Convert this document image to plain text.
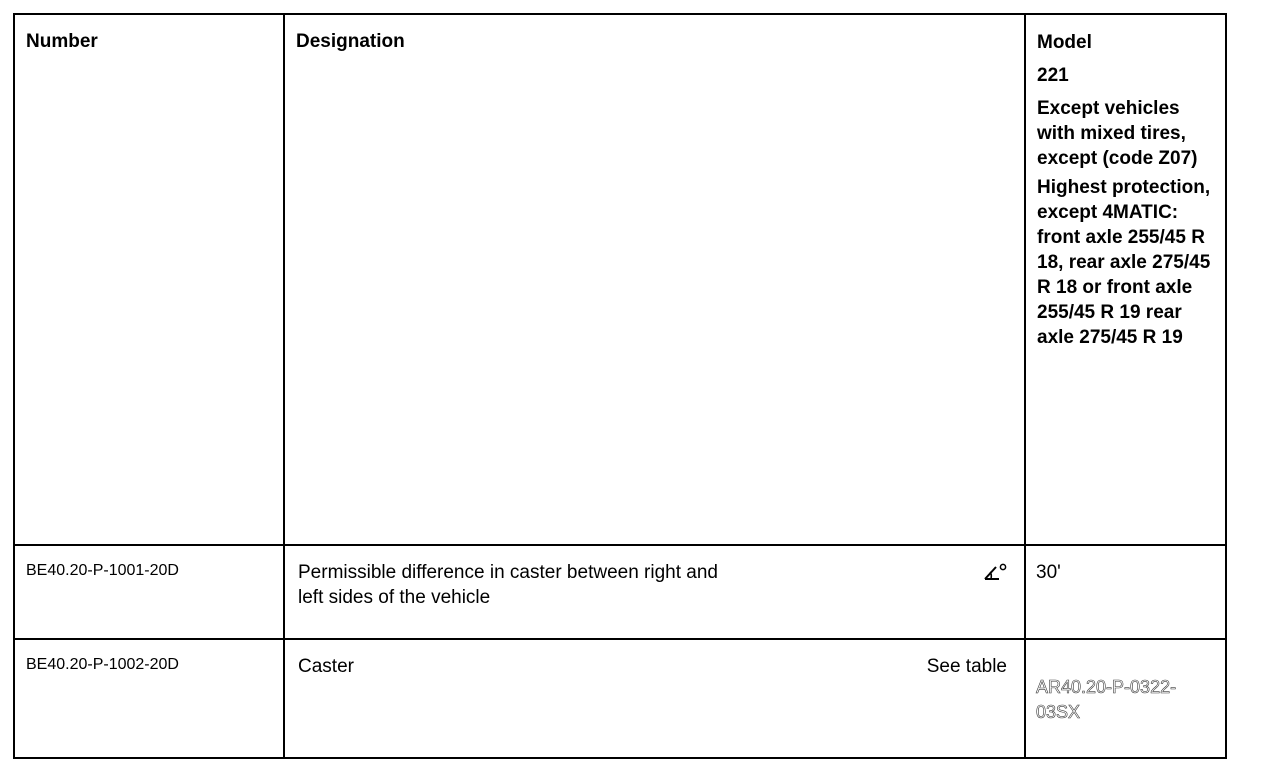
Number	Designation	Model
221
Except vehicles with mixed tires, except (code Z07)
Highest protection, except 4MATIC: front axle 255/45 R 18, rear axle 275/45 R 18 or front axle 255/45 R 19 rear axle 275/45 R 19

BE40.20-P-1001-20D	Permissible difference in caster between right and left sides of the vehicle	30'
BE40.20-P-1002-20D	Caster See table	AR40.20-P-0322-03SX
